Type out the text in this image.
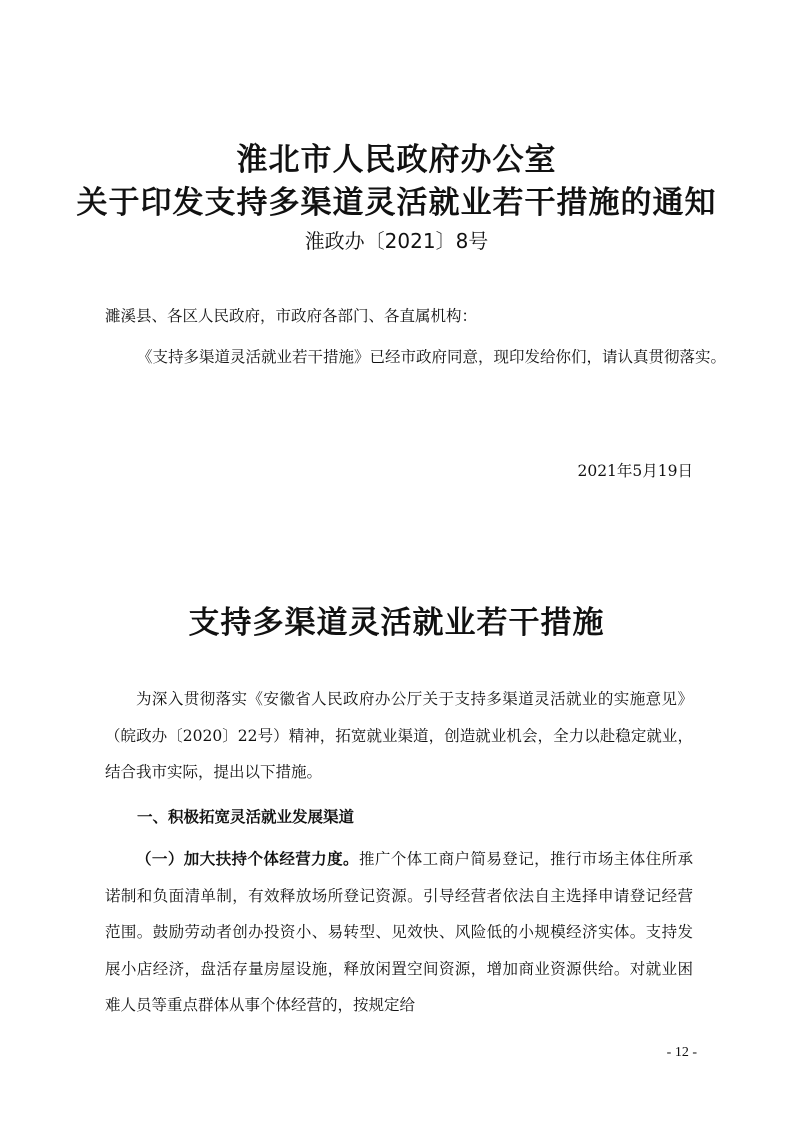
淮北市人民政府办公室
关于印发支持多渠道灵活就业若干措施的通知
淮政办〔2021〕8号
濉溪县、各区人民政府，市政府各部门、各直属机构：
《支持多渠道灵活就业若干措施》已经市政府同意，现印发给你们，请认真贯彻落实。
2021年5月19日
支持多渠道灵活就业若干措施

为深入贯彻落实《安徽省人民政府办公厅关于支持多渠道灵活就业的实施意见》（皖政办〔2020〕22号）精神，拓宽就业渠道，创造就业机会，全力以赴稳定就业，结合我市实际，提出以下措施。

一、积极拓宽灵活就业发展渠道

（一）加大扶持个体经营力度。推广个体工商户简易登记，推行市场主体住所承诺制和负面清单制，有效释放场所登记资源。引导经营者依法自主选择申请登记经营范围。鼓励劳动者创办投资小、易转型、见效快、风险低的小规模经济实体。支持发展小店经济，盘活存量房屋设施，释放闲置空间资源，增加商业资源供给。对就业困难人员等重点群体从事个体经营的，按规定给

- 12 -
